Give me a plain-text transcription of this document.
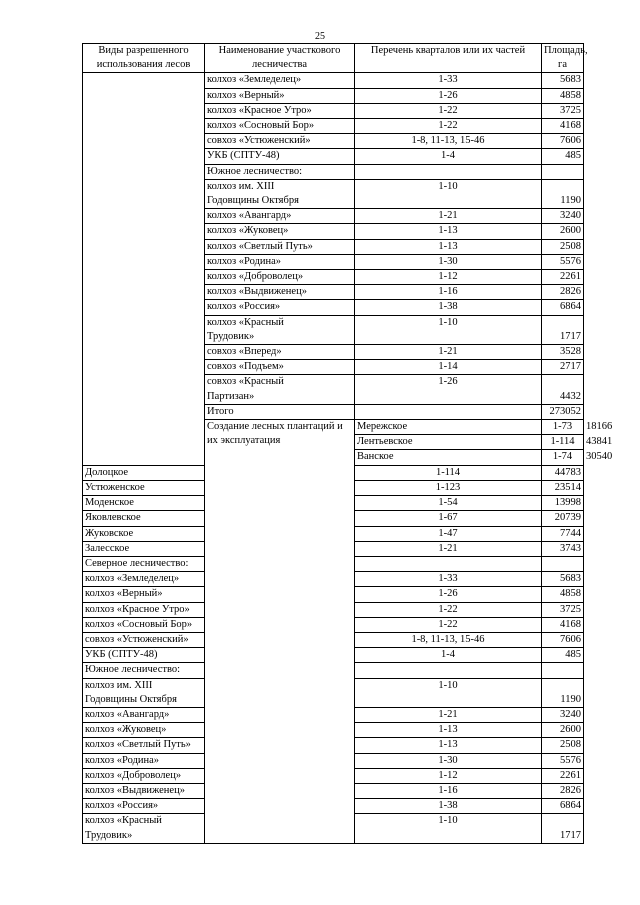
25
Виды разрешенного использования лесов	Наименование участкового лесничества	Перечень кварталов или их частей	Площадь, га	
	колхоз «Земледелец»	1-33	5683	
	колхоз «Верный»	1-26	4858	
	колхоз «Красное Утро»	1-22	3725	
	колхоз «Сосновый Бор»	1-22	4168	
	совхоз «Устюженский»	1-8, 11-13, 15-46	7606	
	УКБ (СПТУ-48)	1-4	485	
	Южное лесничество:			
	колхоз им. XIII
Годовщины Октября	1-10	1190	
	колхоз «Авангард»	1-21	3240	
	колхоз «Жуковец»	1-13	2600	
	колхоз «Светлый Путь»	1-13	2508	
	колхоз «Родина»	1-30	5576	
	колхоз «Доброволец»	1-12	2261	
	колхоз «Выдвиженец»	1-16	2826	
	колхоз «Россия»	1-38	6864	
	колхоз «Красный
Трудовик»	1-10	1717	
	совхоз «Вперед»	1-21	3528	
	совхоз «Подъем»	1-14	2717	
	совхоз «Красный
Партизан»	1-26	4432	
	Итого		273052	
	Создание лесных плантаций и их эксплуатация	Мережское	1-73	18166
		Лентьевское	1-114	43841
		Ванское	1-74	30540
Долоцкое		1-114	44783	
Устюженское		1-123	23514	
Моденское		1-54	13998	
Яковлевское		1-67	20739	
Жуковское		1-47	7744	
Залесское		1-21	3743	
Северное лесничество:				
колхоз «Земледелец»		1-33	5683	
колхоз «Верный»		1-26	4858	
колхоз «Красное Утро»		1-22	3725	
колхоз «Сосновый Бор»		1-22	4168	
совхоз «Устюженский»		1-8, 11-13, 15-46	7606	
УКБ (СПТУ-48)		1-4	485	
Южное лесничество:				
колхоз им. XIII
Годовщины Октября		1-10	1190	
колхоз «Авангард»		1-21	3240	
колхоз «Жуковец»		1-13	2600	
колхоз «Светлый Путь»		1-13	2508	
колхоз «Родина»		1-30	5576	
колхоз «Доброволец»		1-12	2261	
колхоз «Выдвиженец»		1-16	2826	
колхоз «Россия»		1-38	6864	
колхоз «Красный
Трудовик»		1-10	1717	
